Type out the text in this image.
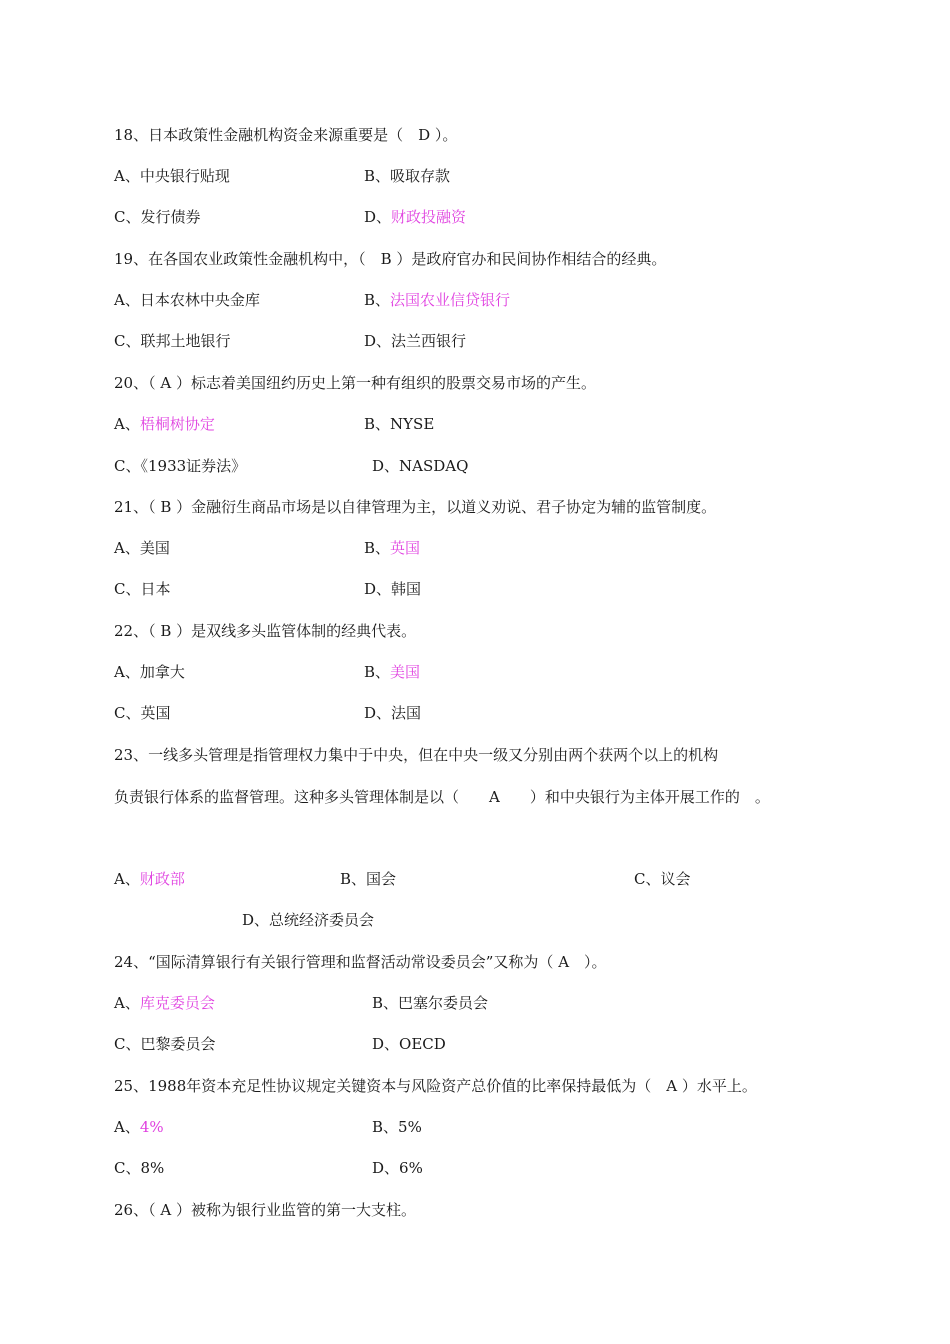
18、日本政策性金融机构资金来源重要是（　D ）。
A、中央银行贴现	B、吸取存款
C、发行债券	D、财政投融资
19、在各国农业政策性金融机构中，（　B ）是政府官办和民间协作相结合的经典。
A、日本农林中央金库	B、法国农业信贷银行
C、联邦土地银行	D、法兰西银行
20、（ A ）标志着美国纽约历史上第一种有组织的股票交易市场的产生。
A、梧桐树协定	B、NYSE
C、《1933证券法》	D、NASDAQ
21、（ B ）金融衍生商品市场是以自律管理为主，以道义劝说、君子协定为辅的监管制度。
A、美国	B、英国
C、日本	D、韩国
22、（ B ）是双线多头监管体制的经典代表。
A、加拿大	B、美国
C、英国	D、法国
23、一线多头管理是指管理权力集中于中央，但在中央一级又分别由两个获两个以上的机构
负责银行体系的监督管理。这种多头管理体制是以（　　A　　）和中央银行为主体开展工作的　。
A、财政部	B、国会	C、议会
D、总统经济委员会
24、“国际清算银行有关银行管理和监督活动常设委员会”又称为（ A　）。
A、库克委员会	B、巴塞尔委员会
C、巴黎委员会	D、OECD
25、1988年资本充足性协议规定关键资本与风险资产总价值的比率保持最低为（　A ）水平上。
A、4%	B、5%
C、8%	D、6%
26、（ A ）被称为银行业监管的第一大支柱。
